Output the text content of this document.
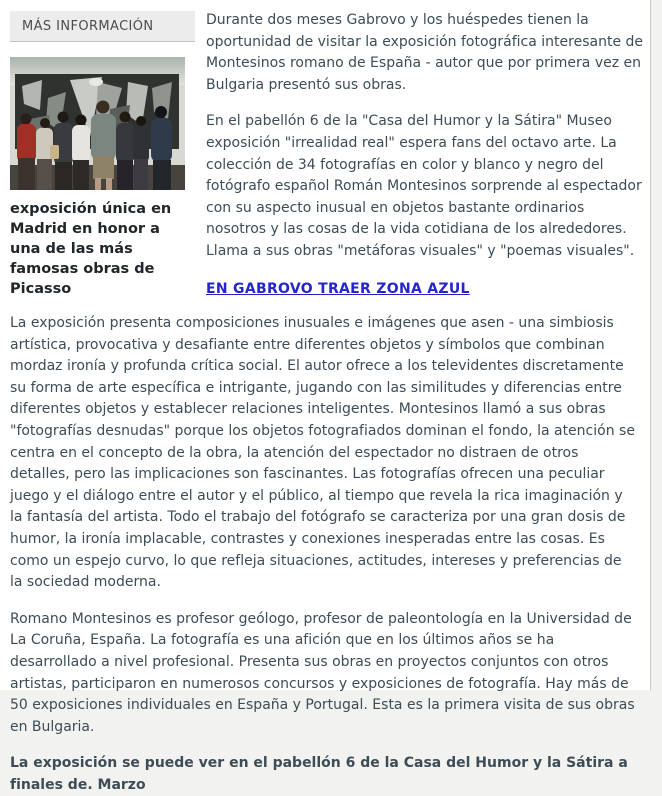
MÁS INFORMACIÓN
exposición única en Madrid en honor a una de las más famosas obras de Picasso

Durante dos meses Gabrovo y los huéspedes tienen la oportunidad de visitar la exposición fotográfica interesante de Montesinos romano de España - autor que por primera vez en Bulgaria presentó sus obras.

En el pabellón 6 de la "Casa del Humor y la Sátira" Museo exposición "irrealidad real" espera fans del octavo arte. La colección de 34 fotografías en color y blanco y negro del fotógrafo español Román Montesinos sorprende al espectador con su aspecto inusual en objetos bastante ordinarios nosotros y las cosas de la vida cotidiana de los alrededores. Llama a sus obras "metáforas visuales" y "poemas visuales".

EN GABROVO TRAER ZONA AZUL

La exposición presenta composiciones inusuales e imágenes que asen - una simbiosis artística, provocativa y desafiante entre diferentes objetos y símbolos que combinan mordaz ironía y profunda crítica social. El autor ofrece a los televidentes discretamente su forma de arte específica e intrigante, jugando con las similitudes y diferencias entre diferentes objetos y establecer relaciones inteligentes. Montesinos llamó a sus obras "fotografías desnudas" porque los objetos fotografiados dominan el fondo, la atención se centra en el concepto de la obra, la atención del espectador no distraen de otros detalles, pero las implicaciones son fascinantes. Las fotografías ofrecen una peculiar juego y el diálogo entre el autor y el público, al tiempo que revela la rica imaginación y la fantasía del artista. Todo el trabajo del fotógrafo se caracteriza por una gran dosis de humor, la ironía implacable, contrastes y conexiones inesperadas entre las cosas. Es como un espejo curvo, lo que refleja situaciones, actitudes, intereses y preferencias de la sociedad moderna.

Romano Montesinos es profesor geólogo, profesor de paleontología en la Universidad de La Coruña, España. La fotografía es una afición que en los últimos años se ha desarrollado a nivel profesional. Presenta sus obras en proyectos conjuntos con otros artistas, participaron en numerosos concursos y exposiciones de fotografía. Hay más de 50 exposiciones individuales en España y Portugal. Esta es la primera visita de sus obras en Bulgaria.

La exposición se puede ver en el pabellón 6 de la Casa del Humor y la Sátira a finales de. Marzo
